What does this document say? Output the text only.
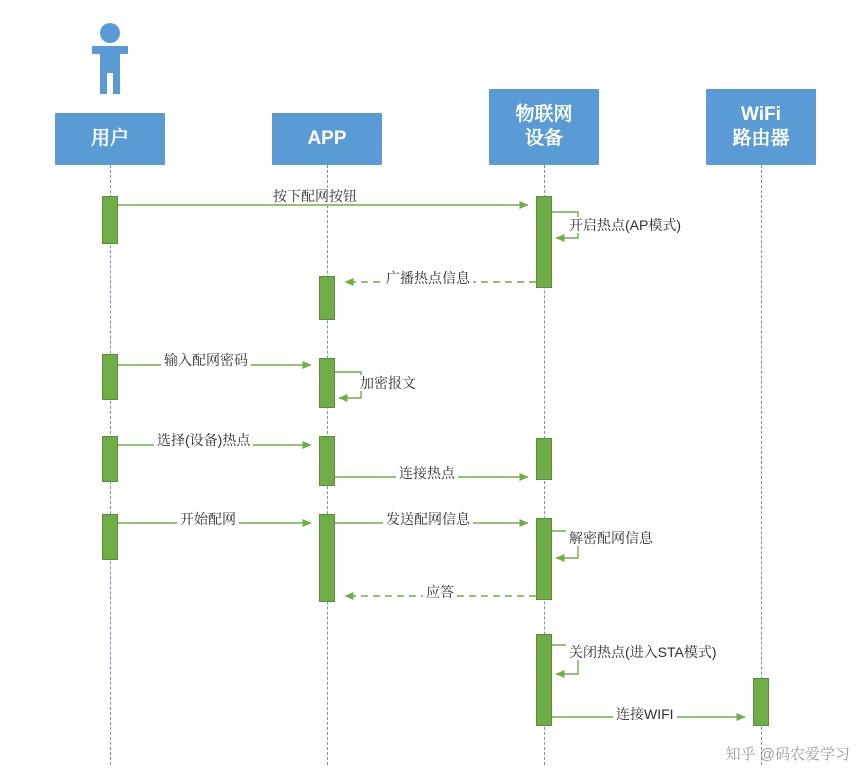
用户	APP
物联网
设备
WiFi
路由器
按下配网按钮
开启热点(AP模式)
广播热点信息
输入配网密码
加密报文
选择(设备)热点
连接热点
开始配网	发送配网信息
解密配网信息
应答
关闭热点(进入STA模式)
连接WIFI
知乎 @码农爱学习
